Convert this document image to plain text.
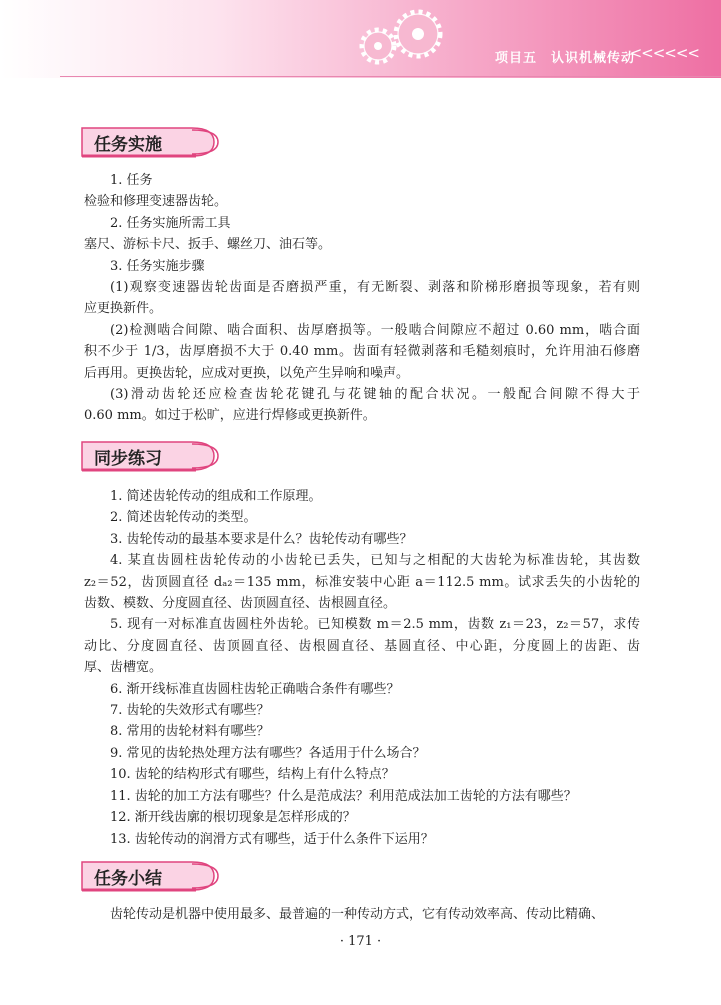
项目五　认识机械传动
<<<<<<
任务实施
1. 任务
检验和修理变速器齿轮。
2. 任务实施所需工具
塞尺、游标卡尺、扳手、螺丝刀、油石等。
3. 任务实施步骤
(1)观察变速器齿轮齿面是否磨损严重，有无断裂、剥落和阶梯形磨损等现象，若有则
应更换新件。
(2)检测啮合间隙、啮合面积、齿厚磨损等。一般啮合间隙应不超过 0.60 mm，啮合面
积不少于 1/3，齿厚磨损不大于 0.40 mm。齿面有轻微剥落和毛糙刻痕时，允许用油石修磨
后再用。更换齿轮，应成对更换，以免产生异响和噪声。
(3)滑动齿轮还应检查齿轮花键孔与花键轴的配合状况。一般配合间隙不得大于
0.60 mm。如过于松旷，应进行焊修或更换新件。
同步练习
1. 简述齿轮传动的组成和工作原理。
2. 简述齿轮传动的类型。
3. 齿轮传动的最基本要求是什么？齿轮传动有哪些？
4. 某直齿圆柱齿轮传动的小齿轮已丢失，已知与之相配的大齿轮为标准齿轮，其齿数
z₂＝52，齿顶圆直径 dₐ₂＝135 mm，标准安装中心距 a＝112.5 mm。试求丢失的小齿轮的
齿数、模数、分度圆直径、齿顶圆直径、齿根圆直径。
5. 现有一对标准直齿圆柱外齿轮。已知模数 m＝2.5 mm，齿数 z₁＝23，z₂＝57，求传
动比、分度圆直径、齿顶圆直径、齿根圆直径、基圆直径、中心距，分度圆上的齿距、齿
厚、齿槽宽。
6. 渐开线标准直齿圆柱齿轮正确啮合条件有哪些？
7. 齿轮的失效形式有哪些？
8. 常用的齿轮材料有哪些？
9. 常见的齿轮热处理方法有哪些？各适用于什么场合？
10. 齿轮的结构形式有哪些，结构上有什么特点？
11. 齿轮的加工方法有哪些？什么是范成法？利用范成法加工齿轮的方法有哪些？
12. 渐开线齿廓的根切现象是怎样形成的？
13. 齿轮传动的润滑方式有哪些，适于什么条件下运用？
任务小结
齿轮传动是机器中使用最多、最普遍的一种传动方式，它有传动效率高、传动比精确、
· 171 ·
